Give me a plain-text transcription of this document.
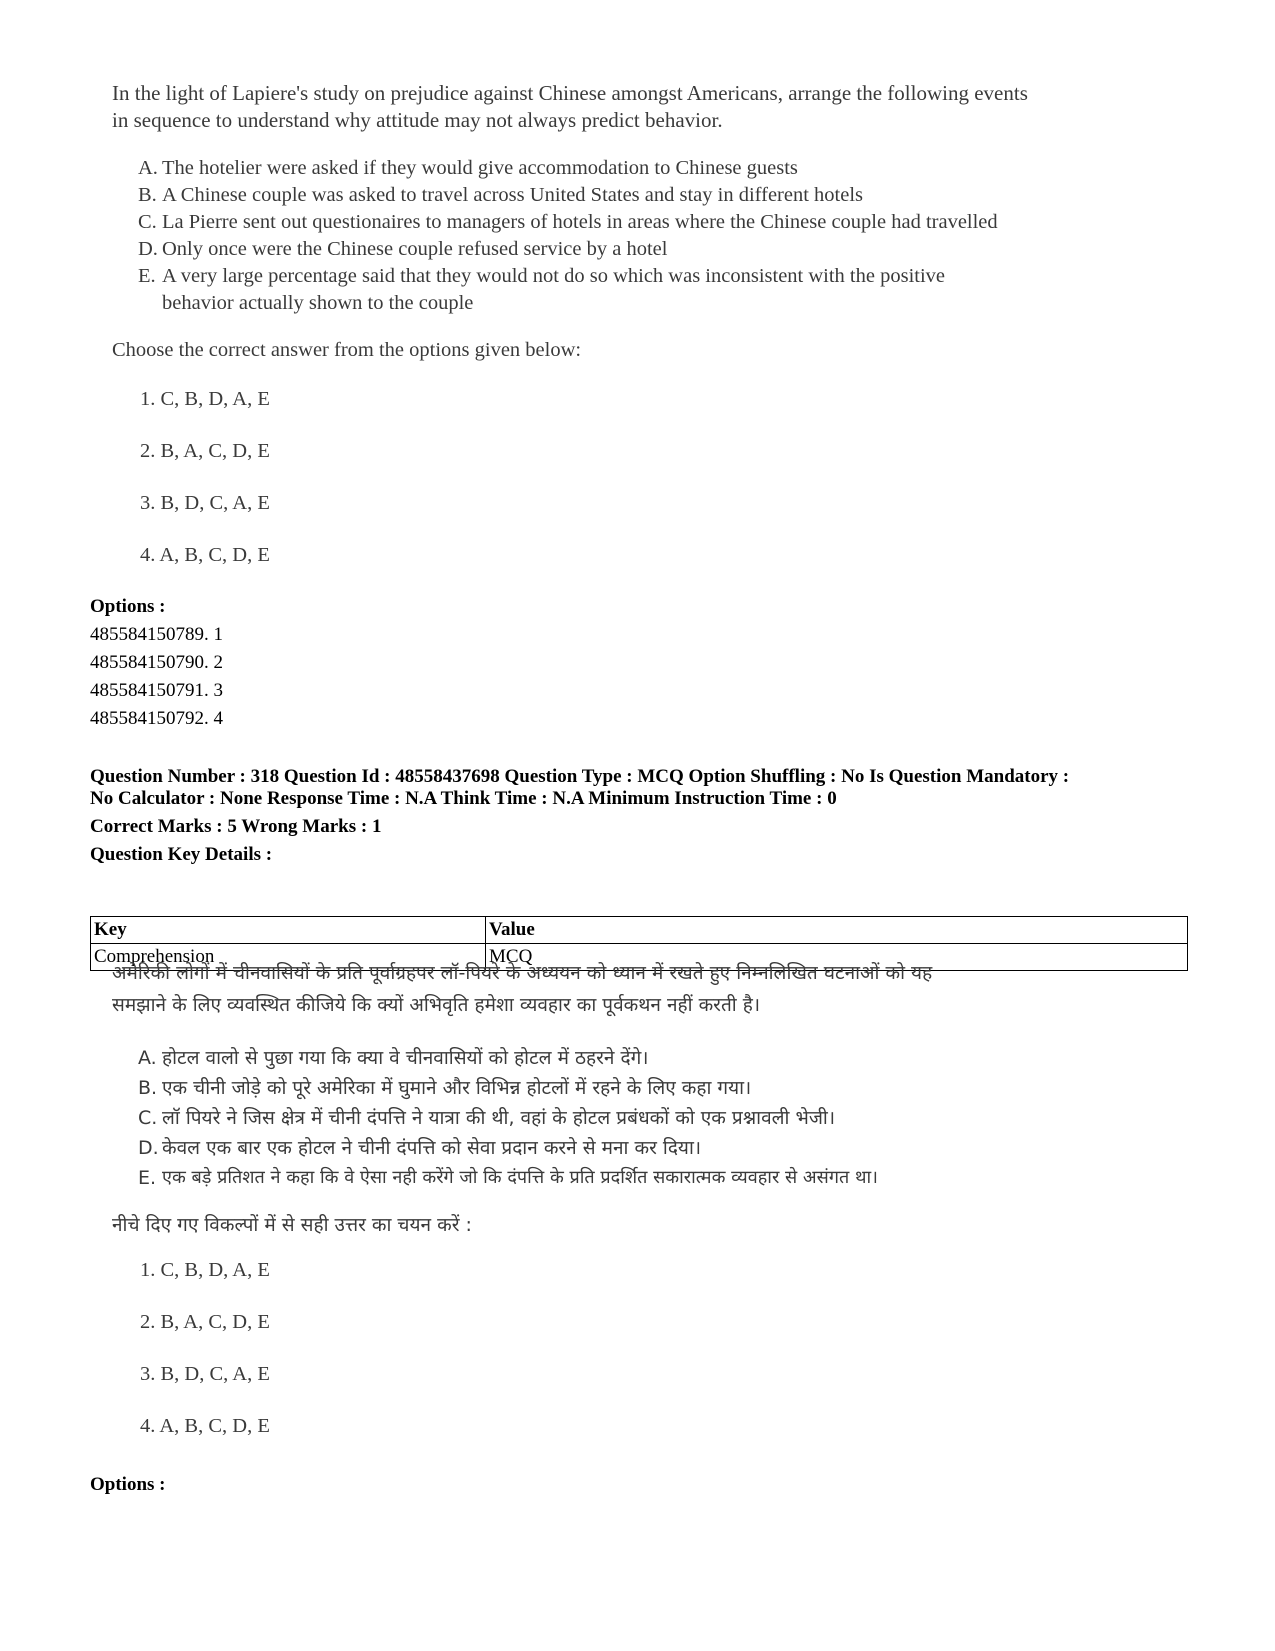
In the light of Lapiere's study on prejudice against Chinese amongst Americans, arrange the following events

in sequence to understand why attitude may not always predict behavior.

A. The hotelier were asked if they would give accommodation to Chinese guests
B. A Chinese couple was asked to travel across United States and stay in different hotels
C. La Pierre sent out questionaires to managers of hotels in areas where the Chinese couple had travelled
D. Only once were the Chinese couple refused service by a hotel
E. A very large percentage said that they would not do so which was inconsistent with the positive
behavior actually shown to the couple

Choose the correct answer from the options given below:

1. C, B, D, A, E
2. B, A, C, D, E
3. B, D, C, A, E
4. A, B, C, D, E
Options :
485584150789. 1
485584150790. 2
485584150791. 3
485584150792. 4
Question Number : 318 Question Id : 48558437698 Question Type : MCQ Option Shuffling : No Is Question Mandatory :
No Calculator : None Response Time : N.A Think Time : N.A Minimum Instruction Time : 0
Correct Marks : 5 Wrong Marks : 1
Question Key Details :
Key	Value
Comprehension	MCQ

अमेरिकी लोगों में चीनवासियों के प्रति पूर्वाग्रहपर लॉ-पियरे के अध्ययन को ध्यान में रखते हुए निम्नलिखित घटनाओं को यह

समझाने के लिए व्यवस्थित कीजिये कि क्यों अभिवृति हमेशा व्यवहार का पूर्वकथन नहीं करती है।

A. होटल वालो से पुछा गया कि क्या वे चीनवासियों को होटल में ठहरने देंगे।
B. एक चीनी जोड़े को पूरे अमेरिका में घुमाने और विभिन्न होटलों में रहने के लिए कहा गया।
C. लॉ पियरे ने जिस क्षेत्र में चीनी दंपत्ति ने यात्रा की थी, वहां के होटल प्रबंधकों को एक प्रश्नावली भेजी।
D. केवल एक बार एक होटल ने चीनी दंपत्ति को सेवा प्रदान करने से मना कर दिया।
E. एक बड़े प्रतिशत ने कहा कि वे ऐसा नही करेंगे जो कि दंपत्ति के प्रति प्रदर्शित सकारात्मक व्यवहार से असंगत था।

नीचे दिए गए विकल्पों में से सही उत्तर का चयन करें :

1. C, B, D, A, E
2. B, A, C, D, E
3. B, D, C, A, E
4. A, B, C, D, E
Options :
